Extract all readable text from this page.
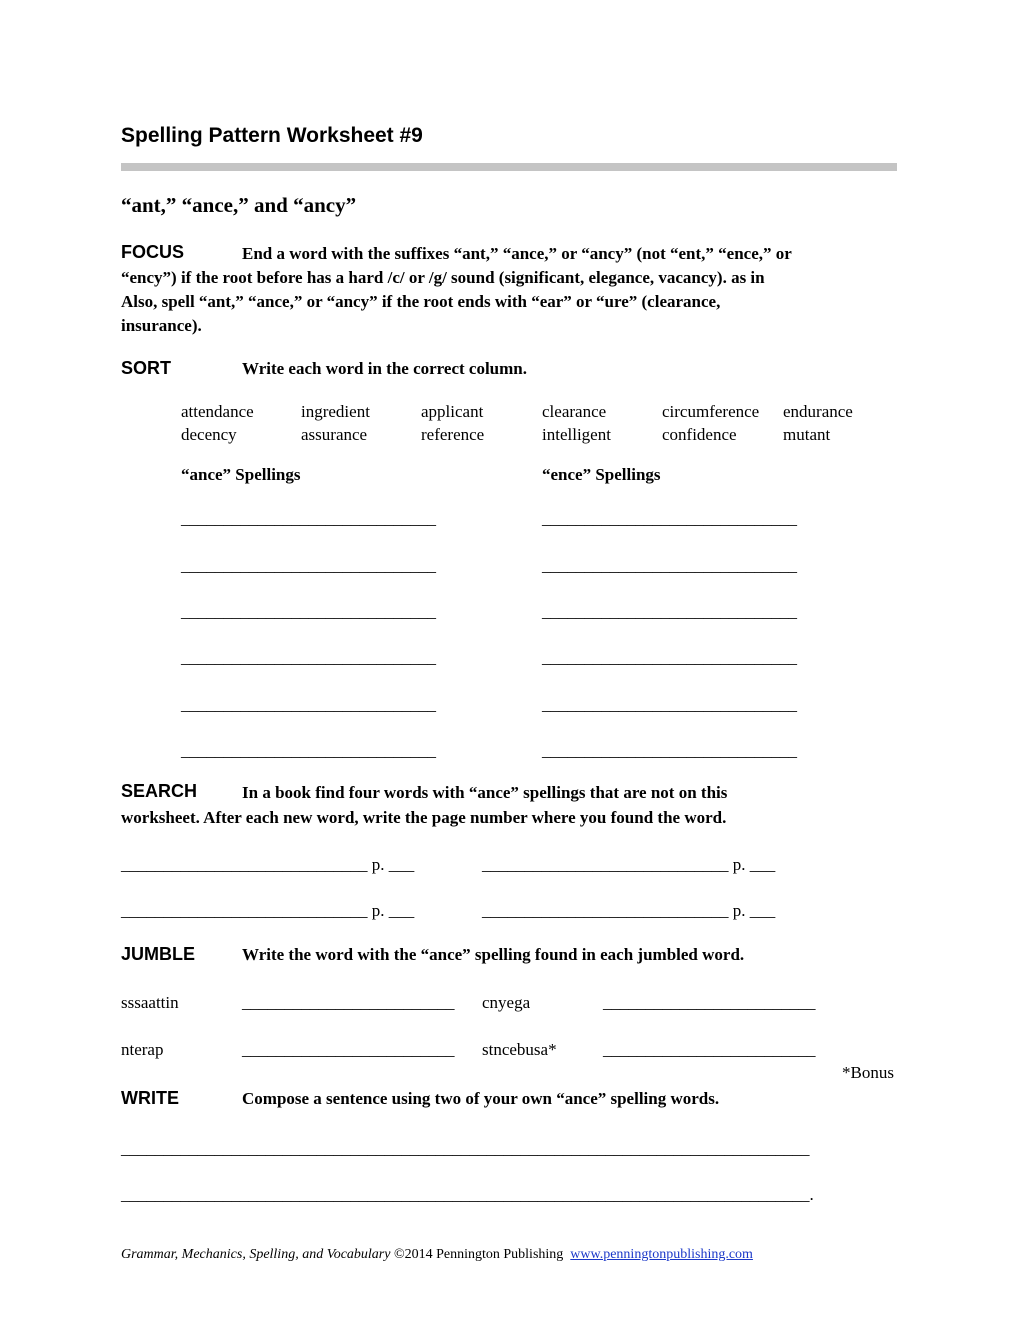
Spelling Pattern Worksheet #9
“ant,” “ance,” and “ancy”
FOCUS	End a word with the suffixes “ant,” “ance,” or “ancy” (not “ent,” “ence,” or
“ency”) if the root before has a hard /c/ or /g/ sound (significant, elegance, vacancy). as in
Also, spell “ant,” “ance,” or “ancy” if the root ends with “ear” or “ure” (clearance,
insurance).
SORT	Write each word in the correct column.
attendance	ingredient	applicant	clearance	circumference endurance
decency	assurance	reference	intelligent	confidence	mutant
“ance” Spellings	“ence” Spellings
______________________________	______________________________
______________________________	______________________________
______________________________	______________________________
______________________________	______________________________
______________________________	______________________________
______________________________	______________________________
SEARCH	In a book find four words with “ance” spellings that are not on this
worksheet. After each new word, write the page number where you found the word.
_____________________________ p. ___	_____________________________ p. ___
_____________________________ p. ___	_____________________________ p. ___
JUMBLE	Write the word with the “ance” spelling found in each jumbled word.
sssaattin	_________________________ cnyega	_________________________
nterap	_________________________ stncebusa*	_________________________
*Bonus
WRITE	Compose a sentence using two of your own “ance” spelling words.
_________________________________________________________________________________
_________________________________________________________________________________.
Grammar, Mechanics, Spelling, and Vocabulary ©2014 Pennington Publishing  www.penningtonpublishing.com
